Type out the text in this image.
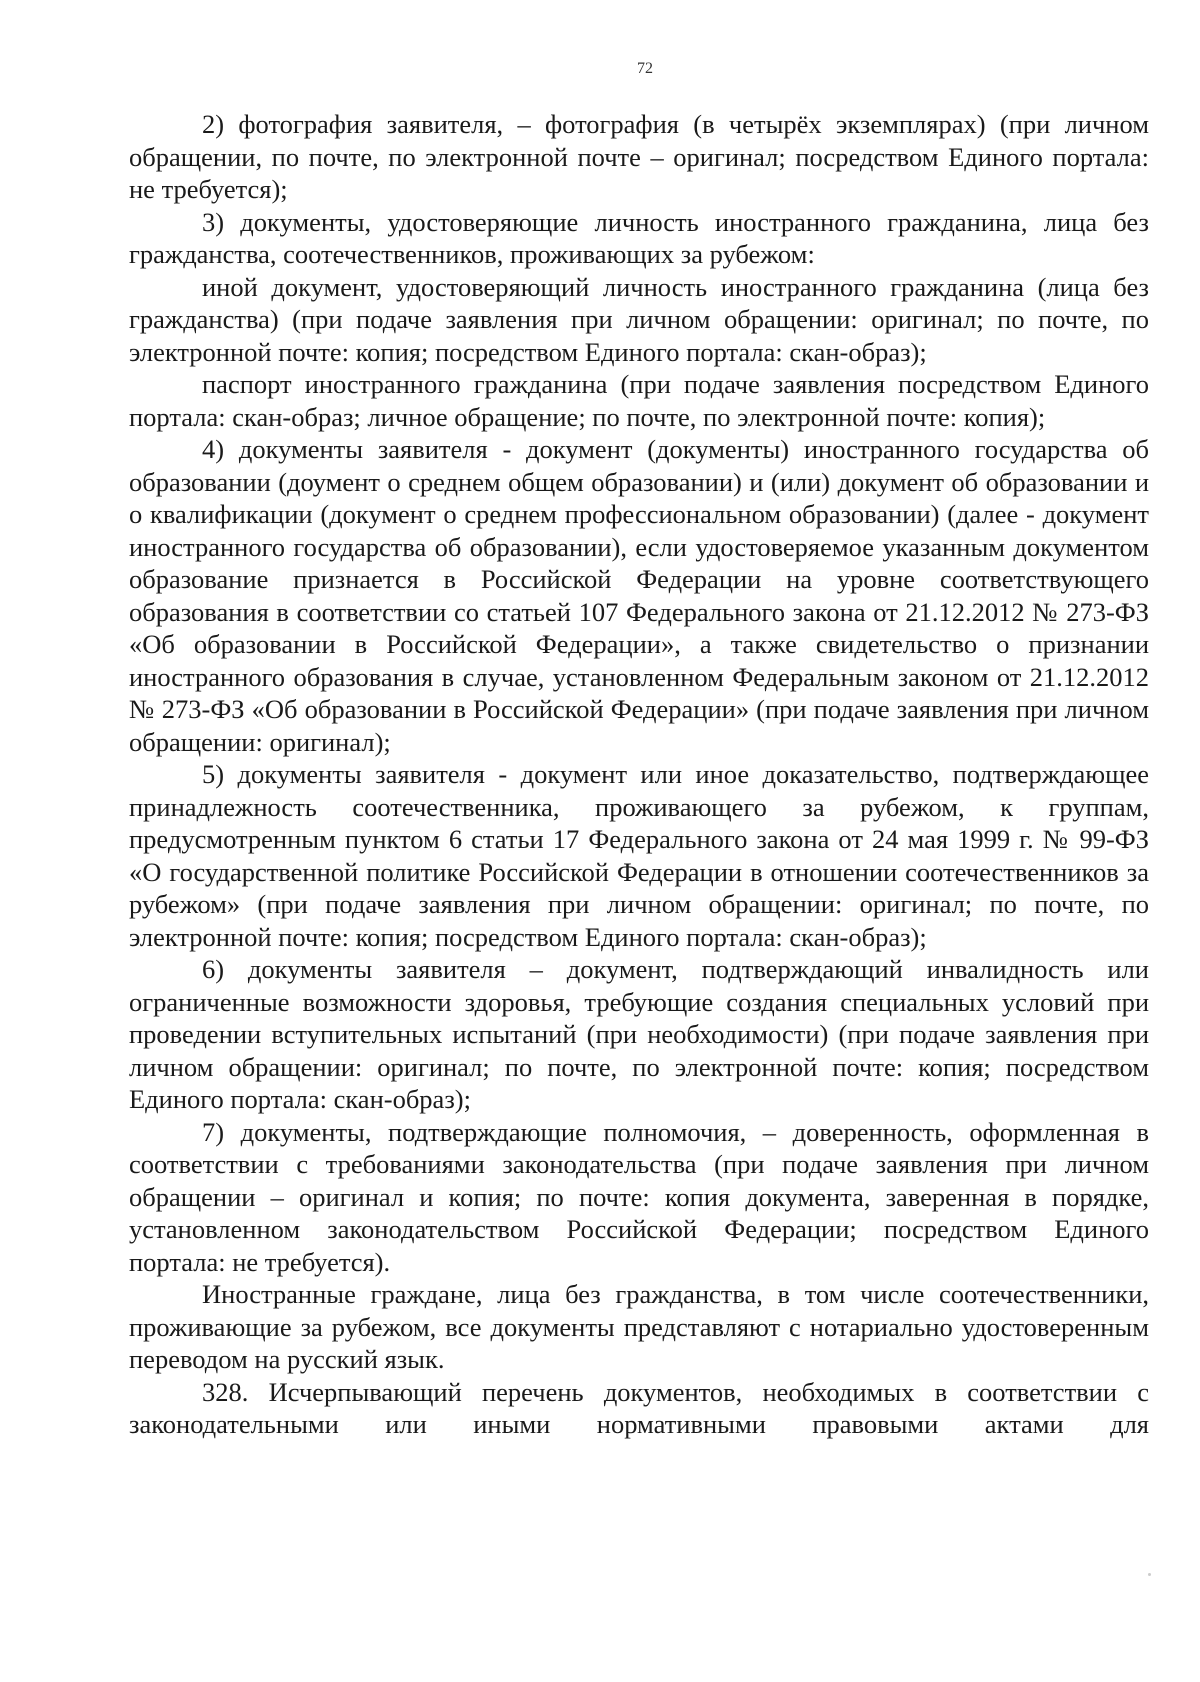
72

2) фотография заявителя, – фотография (в четырёх экземплярах) (при личном обращении, по почте, по электронной почте – оригинал; посредством Единого портала: не требуется);

3) документы, удостоверяющие личность иностранного гражданина, лица без гражданства, соотечественников, проживающих за рубежом:

иной документ, удостоверяющий личность иностранного гражданина (лица без гражданства) (при подаче заявления при личном обращении: оригинал; по почте, по электронной почте: копия; посредством Единого портала: скан-образ);

паспорт иностранного гражданина (при подаче заявления посредством Единого портала: скан-образ; личное обращение; по почте, по электронной почте: копия);

4) документы заявителя - документ (документы) иностранного государства об образовании (доумент о среднем общем образовании) и (или) документ об образовании и о квалификации (документ о среднем профессиональном образовании) (далее - документ иностранного государства об образовании), если удостоверяемое указанным документом образование признается в Российской Федерации на уровне соответствующего образования в соответствии со статьей 107 Федерального закона от 21.12.2012 № 273-ФЗ «Об образовании в Российской Федерации», а также свидетельство о признании иностранного образования в случае, установленном Федеральным законом от 21.12.2012 № 273-ФЗ «Об образовании в Российской Федерации» (при подаче заявления при личном обращении: оригинал);

5) документы заявителя - документ или иное доказательство, подтверждающее принадлежность соотечественника, проживающего за рубежом, к группам, предусмотренным пунктом 6 статьи 17 Федерального закона от 24 мая 1999 г. № 99-ФЗ «О государственной политике Российской Федерации в отношении соотечественников за рубежом» (при подаче заявления при личном обращении: оригинал; по почте, по электронной почте: копия; посредством Единого портала: скан-образ);

6) документы заявителя – документ, подтверждающий инвалидность или ограниченные возможности здоровья, требующие создания специальных условий при проведении вступительных испытаний (при необходимости) (при подаче заявления при личном обращении: оригинал; по почте, по электронной почте: копия; посредством Единого портала: скан-образ);

7) документы, подтверждающие полномочия, – доверенность, оформленная в соответствии с требованиями законодательства (при подаче заявления при личном обращении – оригинал и копия; по почте: копия документа, заверенная в порядке, установленном законодательством Российской Федерации; посредством Единого портала: не требуется).

Иностранные граждане, лица без гражданства, в том числе соотечественники, проживающие за рубежом, все документы представляют с нотариально удостоверенным переводом на русский язык.

328. Исчерпывающий перечень документов, необходимых в соответствии с законодательными или иными нормативными правовыми актами для
